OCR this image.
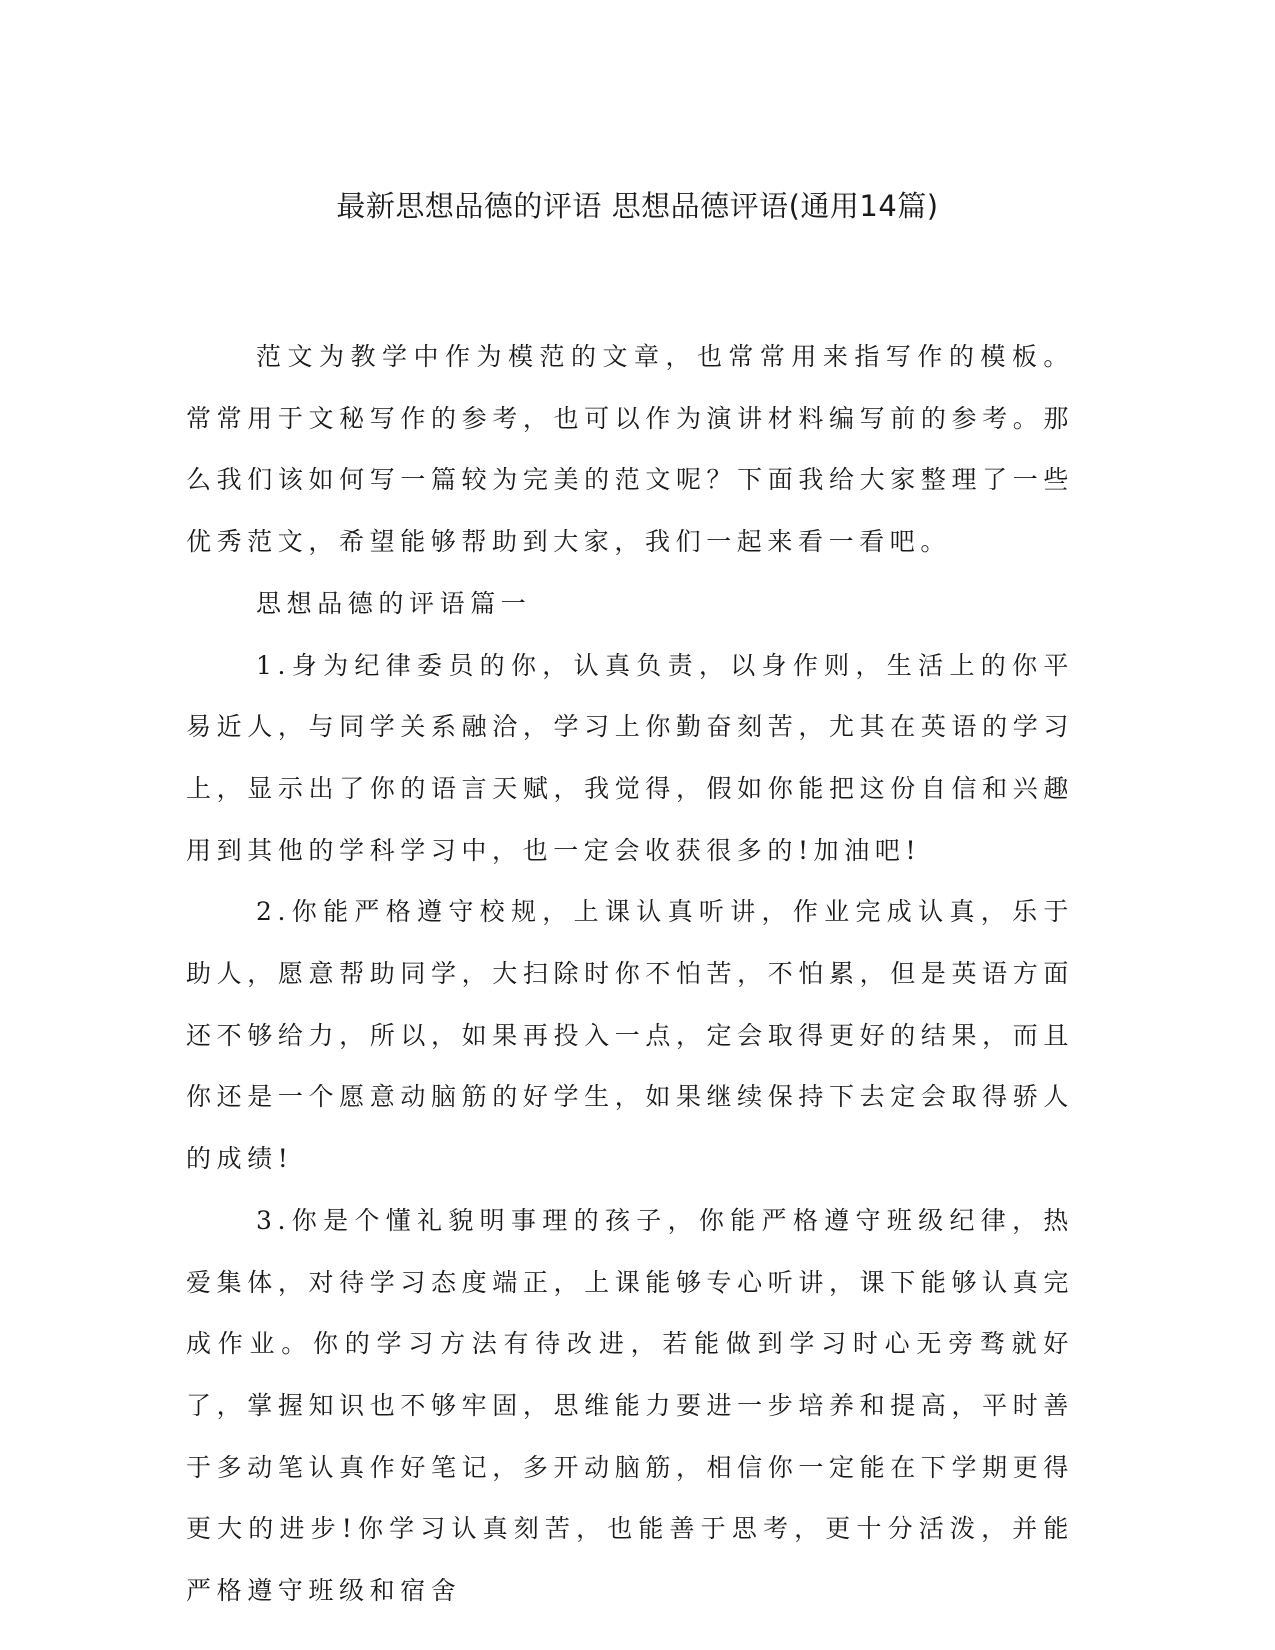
最新思想品德的评语 思想品德评语(通用14篇)

范文为教学中作为模范的文章，也常常用来指写作的模板。常常用于文秘写作的参考，也可以作为演讲材料编写前的参考。那么我们该如何写一篇较为完美的范文呢？下面我给大家整理了一些优秀范文，希望能够帮助到大家，我们一起来看一看吧。

思想品德的评语篇一

1.身为纪律委员的你，认真负责，以身作则，生活上的你平易近人，与同学关系融洽，学习上你勤奋刻苦，尤其在英语的学习上，显示出了你的语言天赋，我觉得，假如你能把这份自信和兴趣用到其他的学科学习中，也一定会收获很多的!加油吧!

2.你能严格遵守校规，上课认真听讲，作业完成认真，乐于助人，愿意帮助同学，大扫除时你不怕苦，不怕累，但是英语方面还不够给力，所以，如果再投入一点，定会取得更好的结果，而且你还是一个愿意动脑筋的好学生，如果继续保持下去定会取得骄人的成绩!

3.你是个懂礼貌明事理的孩子，你能严格遵守班级纪律，热爱集体，对待学习态度端正，上课能够专心听讲，课下能够认真完成作业。你的学习方法有待改进，若能做到学习时心无旁骛就好了，掌握知识也不够牢固，思维能力要进一步培养和提高，平时善于多动笔认真作好笔记，多开动脑筋，相信你一定能在下学期更得更大的进步!你学习认真刻苦，也能善于思考，更十分活泼，并能严格遵守班级和宿舍
